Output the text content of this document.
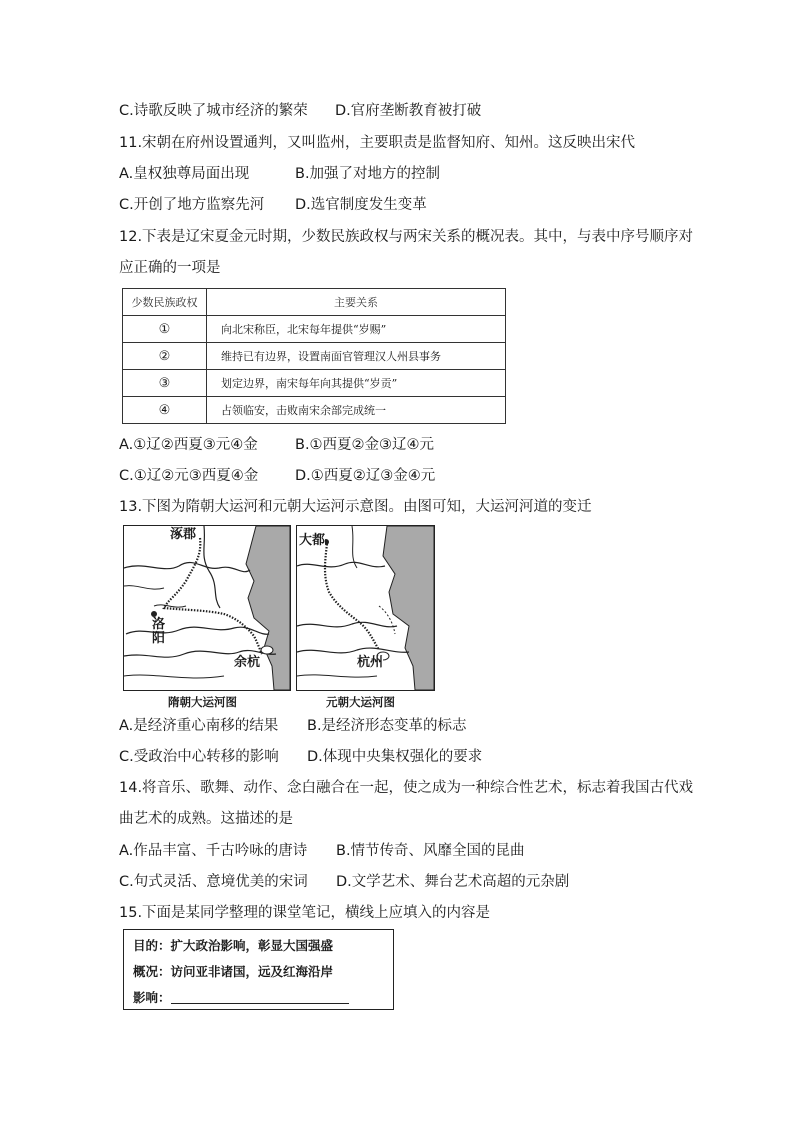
C.诗歌反映了城市经济的繁荣 D.官府垄断教育被打破
11.宋朝在府州设置通判，又叫监州，主要职责是监督知府、知州。这反映出宋代
A.皇权独尊局面出现	B.加强了对地方的控制
C.开创了地方监察先河 D.选官制度发生变革
12.下表是辽宋夏金元时期，少数民族政权与两宋关系的概况表。其中，与表中序号顺序对
应正确的一项是
少数民族政权	主要关系
①	向北宋称臣，北宋每年提供“岁赐”
②	维持已有边界，设置南面官管理汉人州县事务
③	划定边界，南宋每年向其提供“岁贡”
④	占领临安，击败南宋余部完成统一
A.①辽②西夏③元④金	B.①西夏②金③辽④元
C.①辽②元③西夏④金	D.①西夏②辽③金④元
13.下图为隋朝大运河和元朝大运河示意图。由图可知，大运河河道的变迁
涿郡
洛
阳
余杭
隋朝大运河图
大都
杭州
元朝大运河图
A.是经济重心南移的结果 B.是经济形态变革的标志
C.受政治中心转移的影响 D.体现中央集权强化的要求
14.将音乐、歌舞、动作、念白融合在一起，使之成为一种综合性艺术，标志着我国古代戏
曲艺术的成熟。这描述的是
A.作品丰富、千古吟咏的唐诗 B.情节传奇、风靡全国的昆曲
C.句式灵活、意境优美的宋词 D.文学艺术、舞台艺术高超的元杂剧
15.下面是某同学整理的课堂笔记，横线上应填入的内容是
目的：扩大政治影响，彰显大国强盛
概况：访问亚非诸国，远及红海沿岸
影响：
